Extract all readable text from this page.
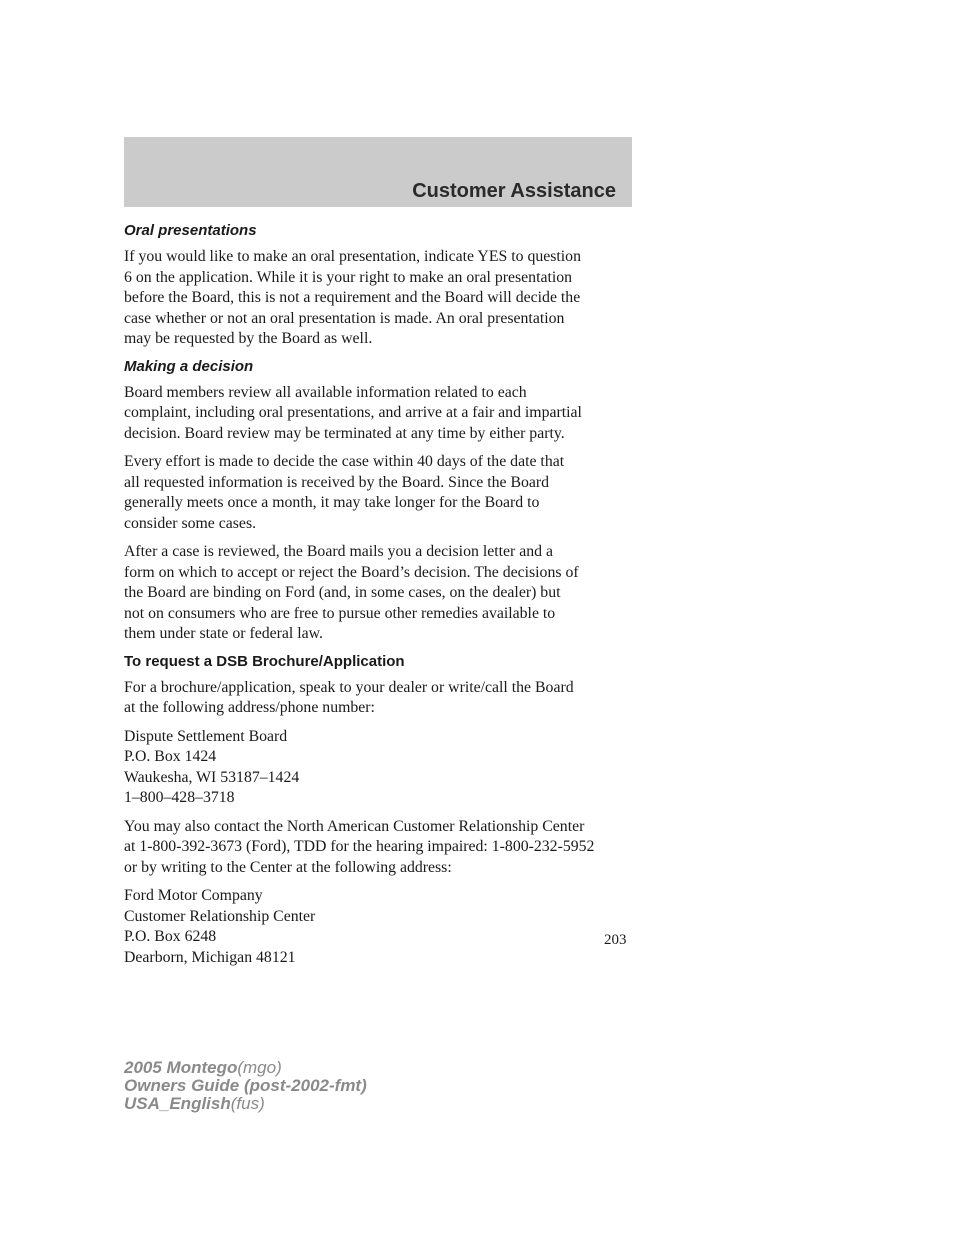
Customer Assistance
Oral presentations
If you would like to make an oral presentation, indicate YES to question
6 on the application. While it is your right to make an oral presentation
before the Board, this is not a requirement and the Board will decide the
case whether or not an oral presentation is made. An oral presentation
may be requested by the Board as well.
Making a decision
Board members review all available information related to each
complaint, including oral presentations, and arrive at a fair and impartial
decision. Board review may be terminated at any time by either party.
Every effort is made to decide the case within 40 days of the date that
all requested information is received by the Board. Since the Board
generally meets once a month, it may take longer for the Board to
consider some cases.
After a case is reviewed, the Board mails you a decision letter and a
form on which to accept or reject the Board’s decision. The decisions of
the Board are binding on Ford (and, in some cases, on the dealer) but
not on consumers who are free to pursue other remedies available to
them under state or federal law.
To request a DSB Brochure/Application
For a brochure/application, speak to your dealer or write/call the Board
at the following address/phone number:
Dispute Settlement Board
P.O. Box 1424
Waukesha, WI 53187–1424
1–800–428–3718
You may also contact the North American Customer Relationship Center
at 1-800-392-3673 (Ford), TDD for the hearing impaired: 1-800-232-5952
or by writing to the Center at the following address:
Ford Motor Company
Customer Relationship Center
P.O. Box 6248
Dearborn, Michigan 48121
203
2005 Montego(mgo)
Owners Guide (post-2002-fmt)
USA_English(fus)
